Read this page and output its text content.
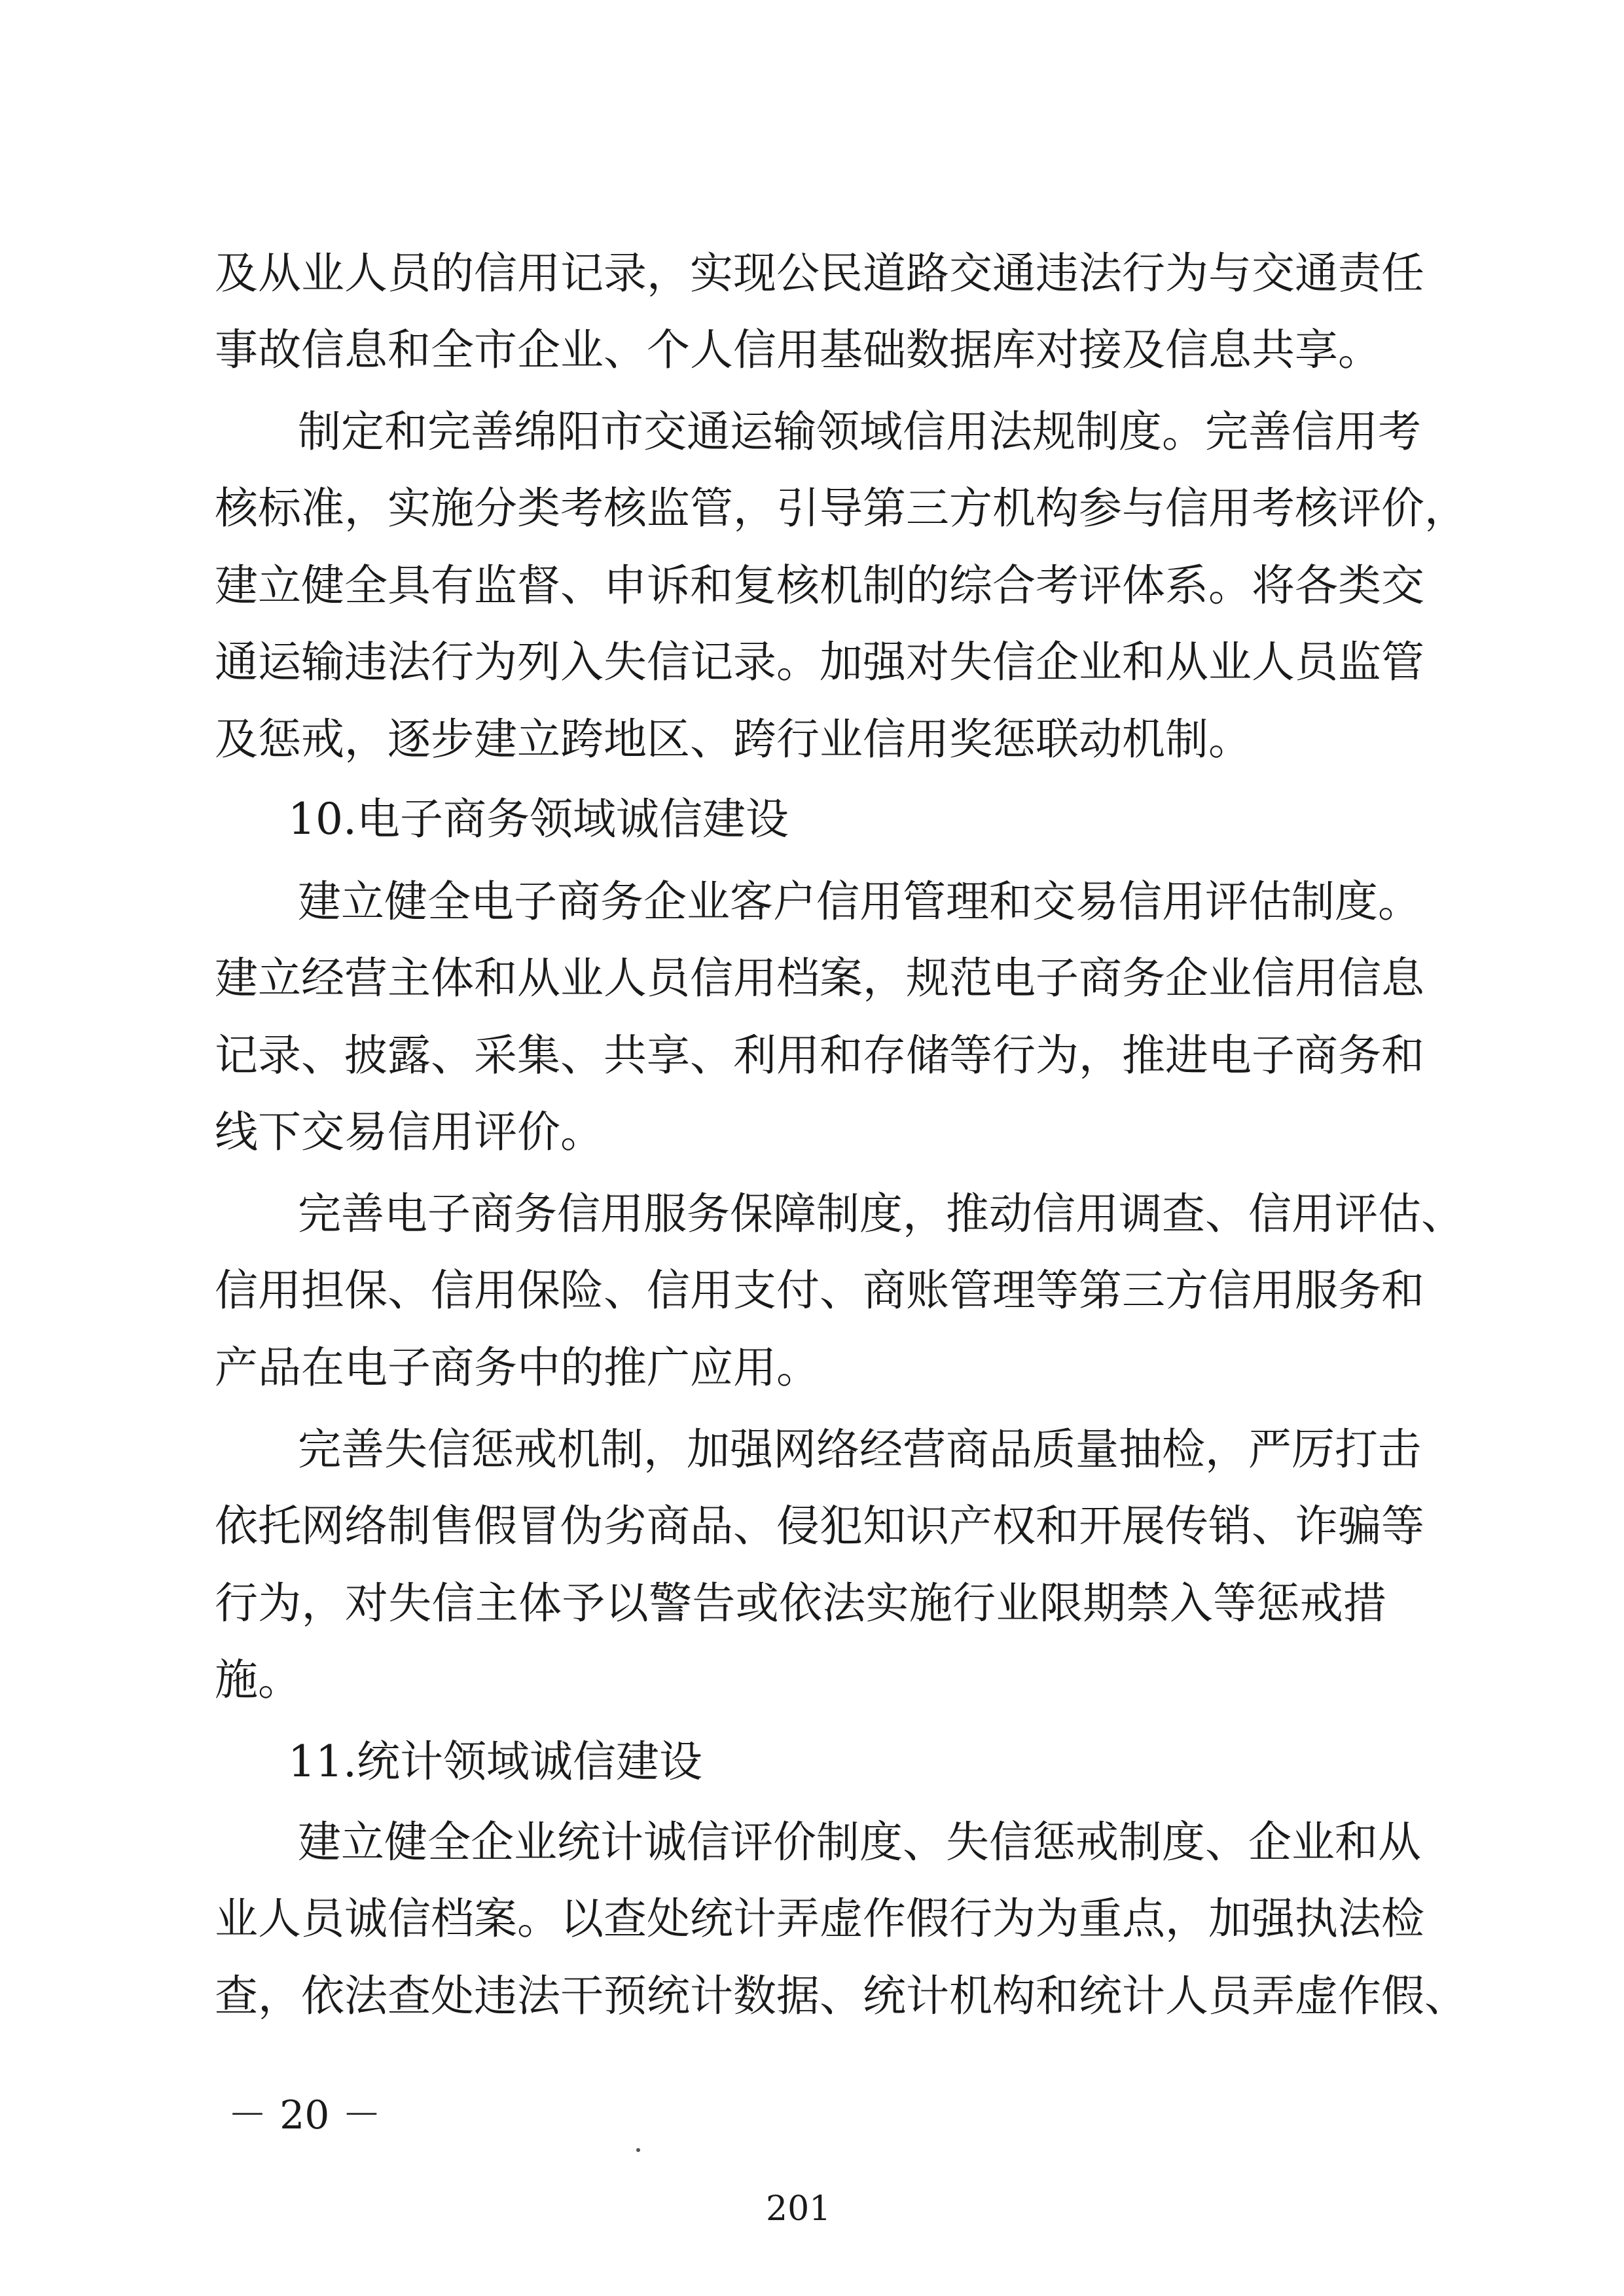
及从业人员的信用记录，实现公民道路交通违法行为与交通责任
事故信息和全市企业、个人信用基础数据库对接及信息共享。
制定和完善绵阳市交通运输领域信用法规制度。完善信用考
核标准，实施分类考核监管，引导第三方机构参与信用考核评价，
建立健全具有监督、申诉和复核机制的综合考评体系。将各类交
通运输违法行为列入失信记录。加强对失信企业和从业人员监管
及惩戒，逐步建立跨地区、跨行业信用奖惩联动机制。
10.电子商务领域诚信建设
建立健全电子商务企业客户信用管理和交易信用评估制度。
建立经营主体和从业人员信用档案，规范电子商务企业信用信息
记录、披露、采集、共享、利用和存储等行为，推进电子商务和
线下交易信用评价。
完善电子商务信用服务保障制度，推动信用调查、信用评估、
信用担保、信用保险、信用支付、商账管理等第三方信用服务和
产品在电子商务中的推广应用。
完善失信惩戒机制，加强网络经营商品质量抽检，严厉打击
依托网络制售假冒伪劣商品、侵犯知识产权和开展传销、诈骗等
行为，对失信主体予以警告或依法实施行业限期禁入等惩戒措
施。
11.统计领域诚信建设
建立健全企业统计诚信评价制度、失信惩戒制度、企业和从
业人员诚信档案。以查处统计弄虚作假行为为重点，加强执法检
查，依法查处违法干预统计数据、统计机构和统计人员弄虚作假、
－ 20 －
201
